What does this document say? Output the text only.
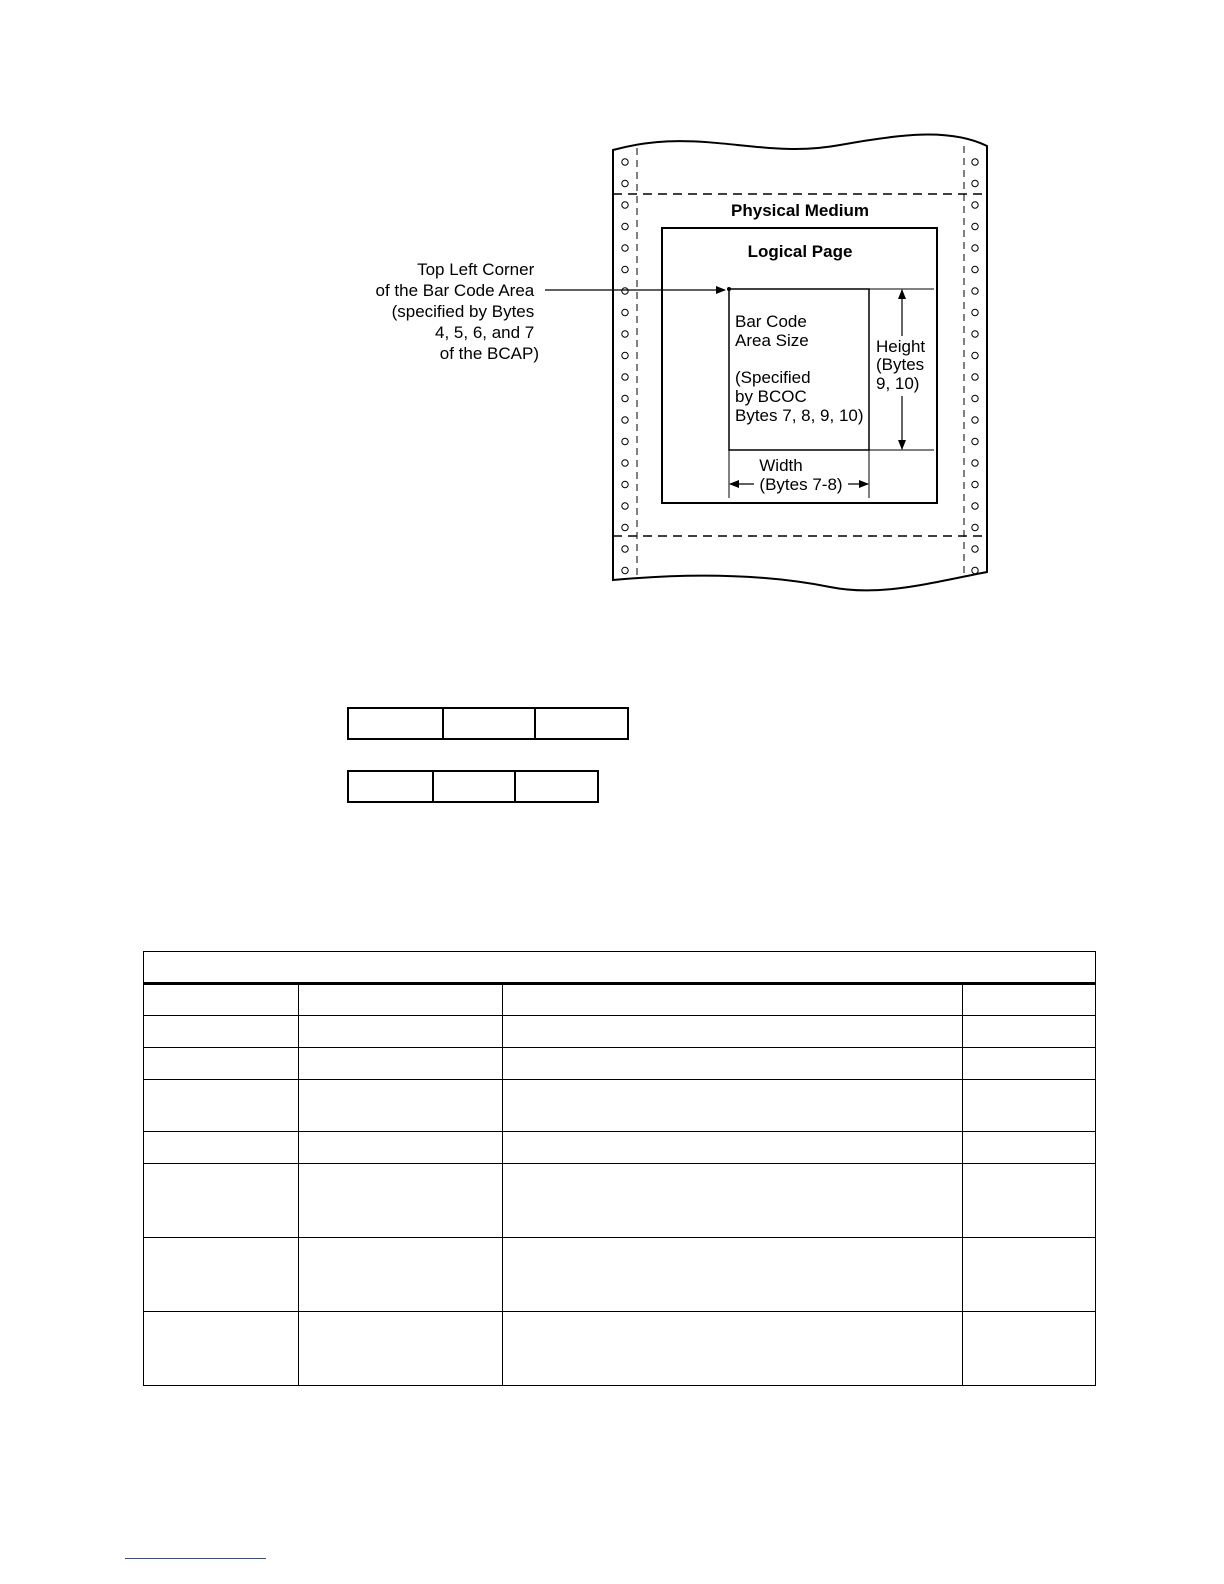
Physical Medium
Logical Page
Bar Code Area Size (Specified by BCOC Bytes 7, 8, 9, 10)
Top Left Corner of the Bar Code Area (specified by Bytes 4, 5, 6, and 7 of the BCAP)	Height (Bytes 9, 10)
Width
(Bytes 7-8)
